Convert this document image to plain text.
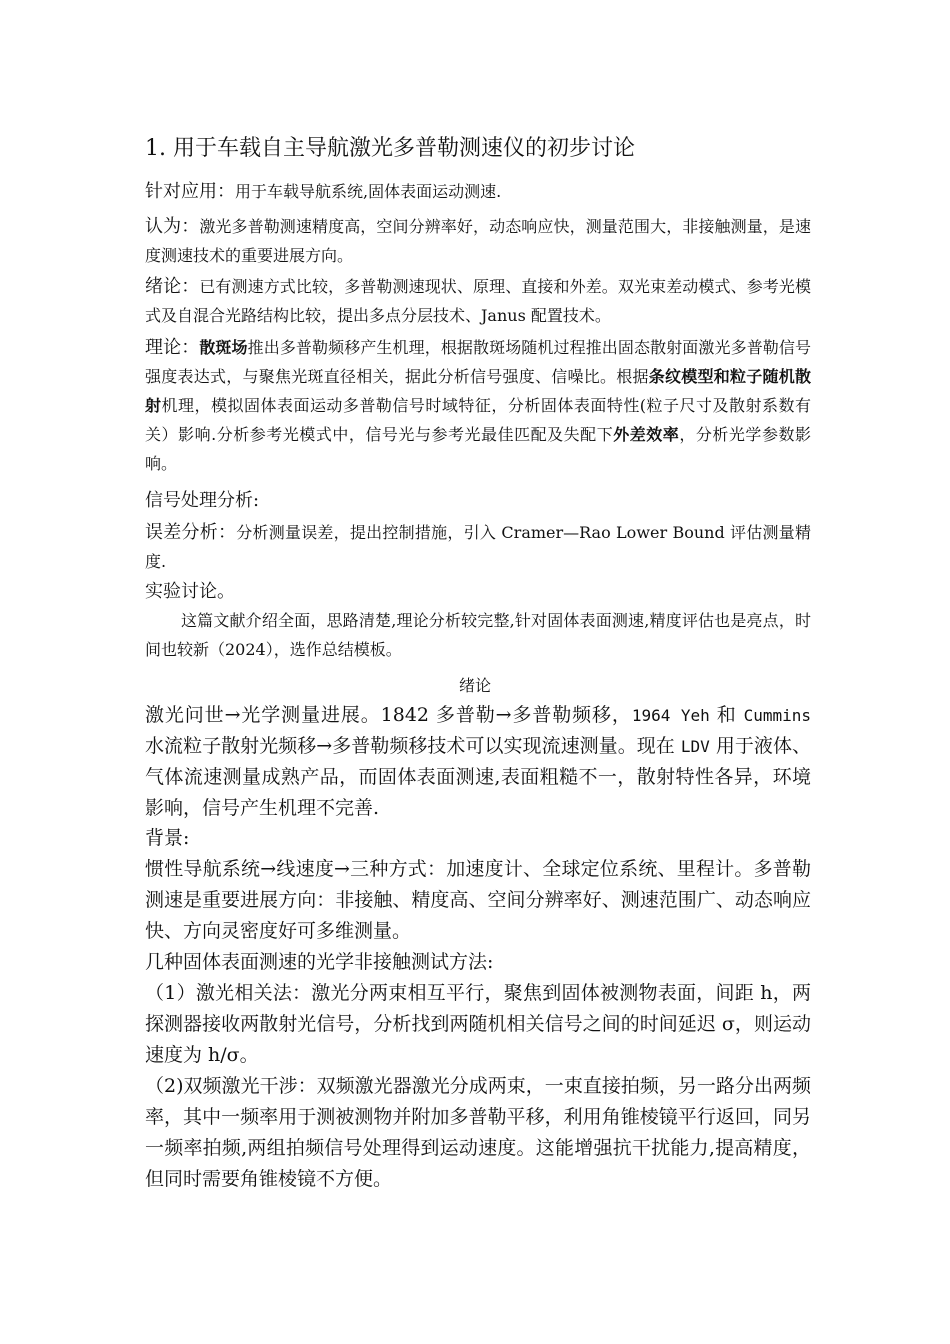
1. 用于车载自主导航激光多普勒测速仪的初步讨论
针对应用：用于车载导航系统,固体表面运动测速.
认为：激光多普勒测速精度高，空间分辨率好，动态响应快，测量范围大，非接触测量，是速度测速技术的重要进展方向。
绪论：已有测速方式比较，多普勒测速现状、原理、直接和外差。双光束差动模式、参考光模式及自混合光路结构比较，提出多点分层技术、Janus 配置技术。
理论：散斑场推出多普勒频移产生机理，根据散斑场随机过程推出固态散射面激光多普勒信号强度表达式，与聚焦光斑直径相关，据此分析信号强度、信噪比。根据条纹模型和粒子随机散射机理，模拟固体表面运动多普勒信号时域特征，分析固体表面特性(粒子尺寸及散射系数有关）影响.分析参考光模式中，信号光与参考光最佳匹配及失配下外差效率，分析光学参数影响。
信号处理分析:
误差分析：分析测量误差，提出控制措施，引入 Cramer—Rao Lower Bound 评估测量精度.
实验讨论。
这篇文献介绍全面，思路清楚,理论分析较完整,针对固体表面测速,精度评估也是亮点，时间也较新（2024），选作总结模板。
绪论
激光问世→光学测量进展。1842 多普勒→多普勒频移，1964 Yeh 和 Cummins 水流粒子散射光频移→多普勒频移技术可以实现流速测量。现在 LDV 用于液体、气体流速测量成熟产品，而固体表面测速,表面粗糙不一，散射特性各异，环境影响，信号产生机理不完善.
背景:
惯性导航系统→线速度→三种方式：加速度计、全球定位系统、里程计。多普勒测速是重要进展方向：非接触、精度高、空间分辨率好、测速范围广、动态响应快、方向灵密度好可多维测量。
几种固体表面测速的光学非接触测试方法:
（1）激光相关法：激光分两束相互平行，聚焦到固体被测物表面，间距 h，两探测器接收两散射光信号，分析找到两随机相关信号之间的时间延迟 σ，则运动速度为 h/σ。
（2)双频激光干涉：双频激光器激光分成两束，一束直接拍频，另一路分出两频率，其中一频率用于测被测物并附加多普勒平移，利用角锥棱镜平行返回，同另一频率拍频,两组拍频信号处理得到运动速度。这能增强抗干扰能力,提高精度，但同时需要角锥棱镜不方便。
